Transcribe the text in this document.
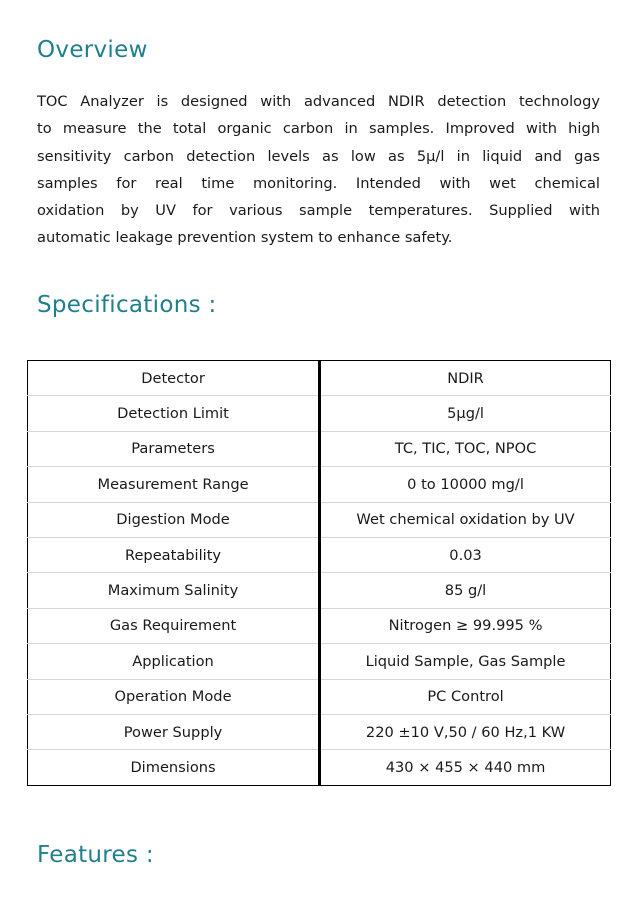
Overview

TOC Analyzer is designed with advanced NDIR detection technology
to measure the total organic carbon in samples. Improved with high
sensitivity carbon detection levels as low as 5µ/l in liquid and gas
samples for real time monitoring. Intended with wet chemical
oxidation by UV for various sample temperatures. Supplied with
automatic leakage prevention system to enhance safety.

Specifications :
Detector	NDIR
Detection Limit	5µg/l
Parameters	TC, TIC, TOC, NPOC
Measurement Range	0 to 10000 mg/l
Digestion Mode	Wet chemical oxidation by UV
Repeatability	0.03
Maximum Salinity	85 g/l
Gas Requirement	Nitrogen ≥ 99.995 %
Application	Liquid Sample, Gas Sample
Operation Mode	PC Control
Power Supply	220 ±10 V,50 / 60 Hz,1 KW
Dimensions	430 × 455 × 440 mm
Features :
